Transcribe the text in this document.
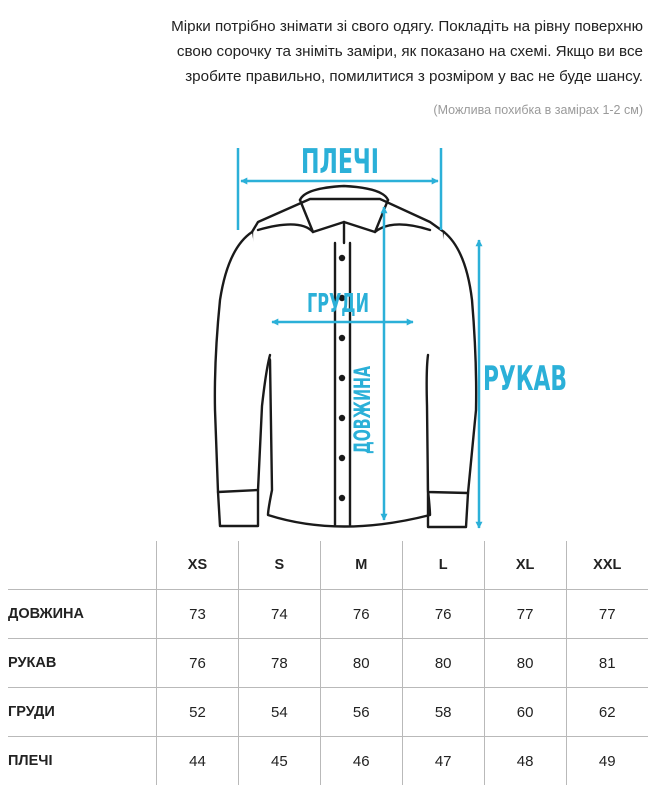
Мірки потрібно знімати зі свого одягу. Покладіть на рівну поверхню

свою сорочку та зніміть заміри, як показано на схемі. Якщо ви все

зробите правильно, помилитися з розміром у вас не буде шансу.

(Можлива похибка в замірах 1-2 см)
ПЛЕЧІ
ГРУДИ
ДОВЖИНА	РУКАВ
	XS	S	M	L	XL	XXL
ДОВЖИНА	73	74	76	76	77	77
РУКАВ	76	78	80	80	80	81
ГРУДИ	52	54	56	58	60	62
ПЛЕЧІ	44	45	46	47	48	49
